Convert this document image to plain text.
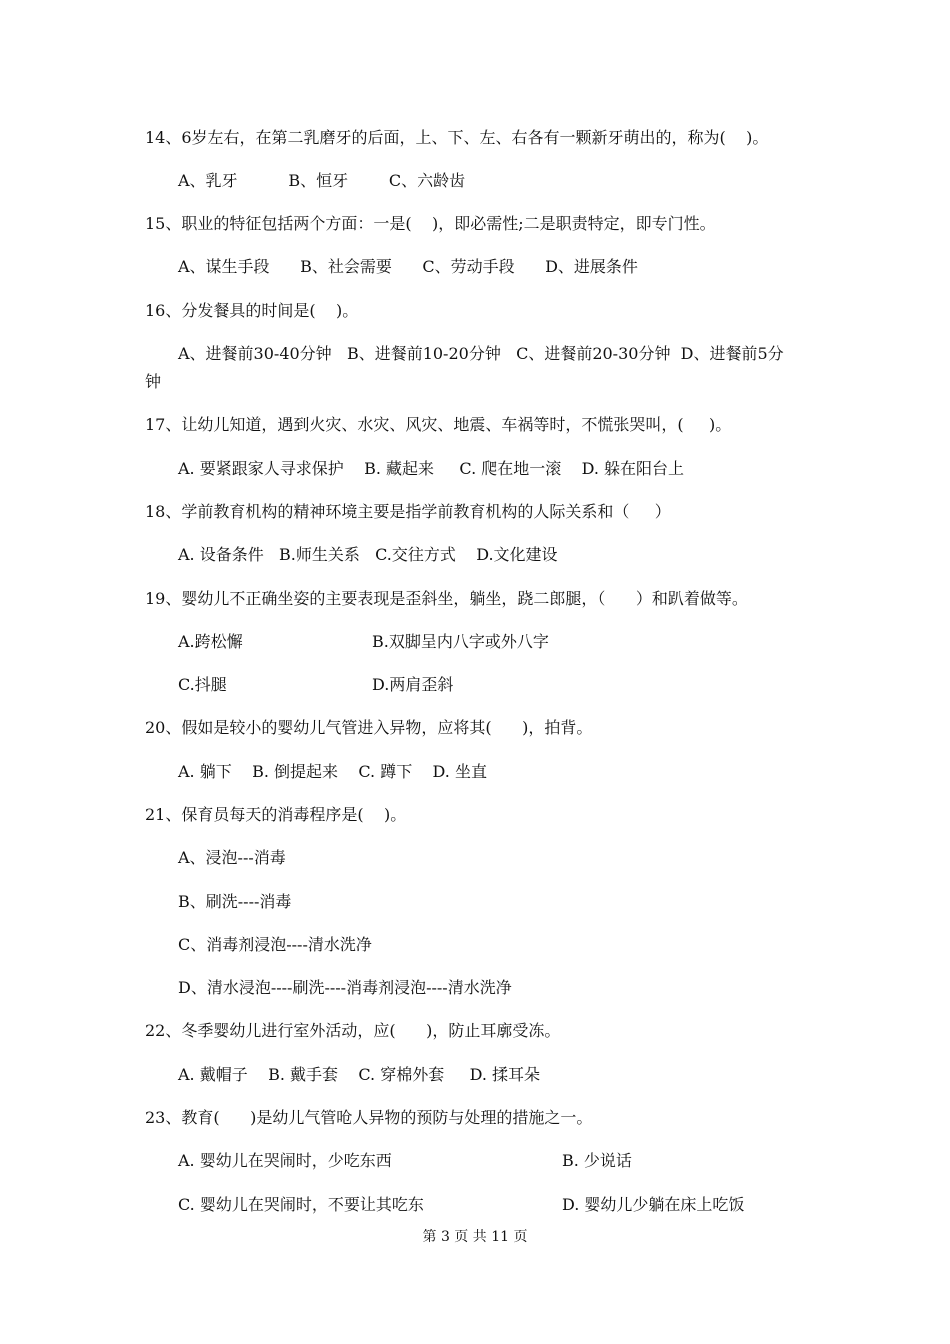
14、6岁左右，在第二乳磨牙的后面，上、下、左、右各有一颗新牙萌出的，称为(    )。
A、乳牙          B、恒牙        C、六龄齿
15、职业的特征包括两个方面：一是(    )，即必需性;二是职责特定，即专门性。
A、谋生手段      B、社会需要      C、劳动手段      D、进展条件
16、分发餐具的时间是(    )。
A、进餐前30-40分钟   B、进餐前10-20分钟   C、进餐前20-30分钟  D、进餐前5分
钟
17、让幼儿知道，遇到火灾、水灾、风灾、地震、车祸等时，不慌张哭叫，(     )。
A. 要紧跟家人寻求保护    B. 藏起来     C. 爬在地一滚    D. 躲在阳台上
18、学前教育机构的精神环境主要是指学前教育机构的人际关系和（     ）
A. 设备条件   B.师生关系   C.交往方式    D.文化建设
19、婴幼儿不正确坐姿的主要表现是歪斜坐，躺坐，跷二郎腿，（      ）和趴着做等。
A.跨松懈	B.双脚呈内八字或外八字
C.抖腿	D.两肩歪斜
20、假如是较小的婴幼儿气管进入异物，应将其(      )，拍背。
A. 躺下    B. 倒提起来    C. 蹲下    D. 坐直
21、保育员每天的消毒程序是(    )。
A、浸泡---消毒
B、刷洗----消毒
C、消毒剂浸泡----清水洗净
D、清水浸泡----刷洗----消毒剂浸泡----清水洗净
22、冬季婴幼儿进行室外活动，应(      )，防止耳廓受冻。
A. 戴帽子    B. 戴手套    C. 穿棉外套     D. 揉耳朵
23、教育(      )是幼儿气管呛人异物的预防与处理的措施之一。
A. 婴幼儿在哭闹时，少吃东西	B. 少说话
C. 婴幼儿在哭闹时，不要让其吃东	D. 婴幼儿少躺在床上吃饭
第 3 页 共 11 页
